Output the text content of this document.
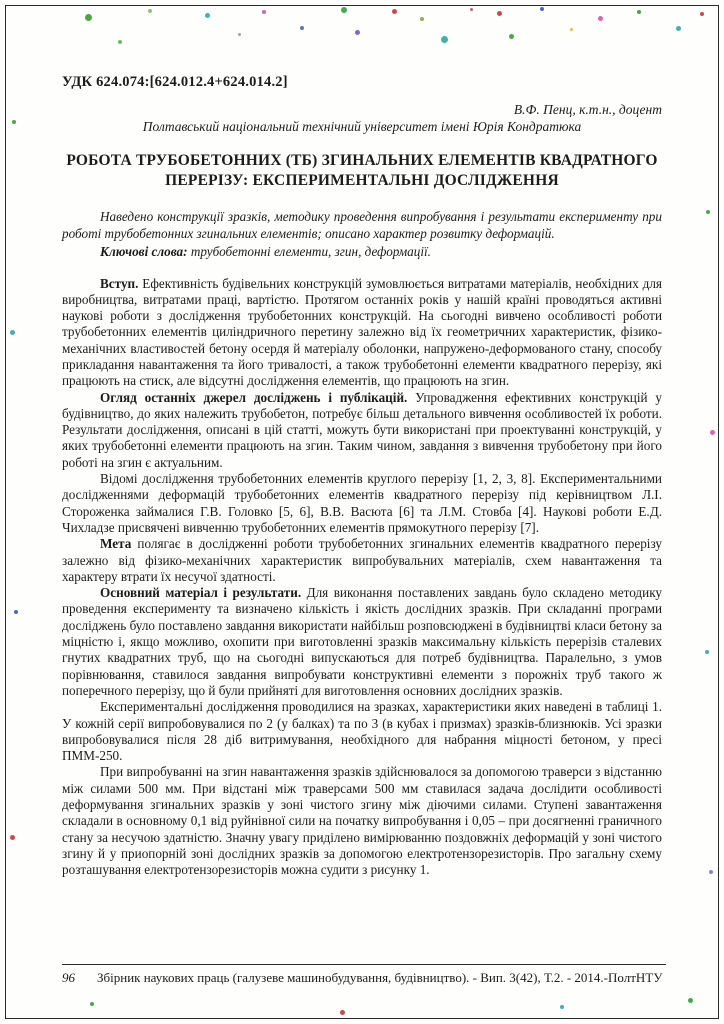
УДК 624.074:[624.012.4+624.014.2]
В.Ф. Пенц, к.т.н., доцент
Полтавський національний технічний університет імені Юрія Кондратюка
РОБОТА ТРУБОБЕТОННИХ (ТБ) ЗГИНАЛЬНИХ ЕЛЕМЕНТІВ КВАДРАТНОГО ПЕРЕРІЗУ: ЕКСПЕРИМЕНТАЛЬНІ ДОСЛІДЖЕННЯ

Наведено конструкції зразків, методику проведення випробування і результати експерименту при роботі трубобетонних згинальних елементів; описано характер розвитку деформацій.

Ключові слова: трубобетонні елементи, згин, деформації.

Вступ. Ефективність будівельних конструкцій зумовлюється витратами матеріалів, необхідних для виробництва, витратами праці, вартістю. Протягом останніх років у нашій країні проводяться активні наукові роботи з дослідження трубобетонних конструкцій. На сьогодні вивчено особливості роботи трубобетонних елементів циліндричного перетину залежно від їх геометричних характеристик, фізико-механічних властивостей бетону осердя й матеріалу оболонки, напружено-деформованого стану, способу прикладання навантаження та його тривалості, а також трубобетонні елементи квадратного перерізу, які працюють на стиск, але відсутні дослідження елементів, що працюють на згин.

Огляд останніх джерел досліджень і публікацій. Упровадження ефективних конструкцій у будівництво, до яких належить трубобетон, потребує більш детального вивчення особливостей їх роботи. Результати дослідження, описані в цій статті, можуть бути використані при проектуванні конструкцій, у яких трубобетонні елементи працюють на згин. Таким чином, завдання з вивчення трубобетону при його роботі на згин є актуальним.

Відомі дослідження трубобетонних елементів круглого перерізу [1, 2, 3, 8]. Експериментальними дослідженнями деформацій трубобетонних елементів квадратного перерізу під керівництвом Л.І. Стороженка займалися Г.В. Головко [5, 6], В.В. Васюта [6] та Л.М. Стовба [4]. Наукові роботи Е.Д. Чихладзе присвячені вивченню трубобетонних елементів прямокутного перерізу [7].

Мета полягає в дослідженні роботи трубобетонних згинальних елементів квадратного перерізу залежно від фізико-механічних характеристик випробувальних матеріалів, схем навантаження та характеру втрати їх несучої здатності.

Основний матеріал і результати. Для виконання поставлених завдань було складено методику проведення експерименту та визначено кількість і якість дослідних зразків. При складанні програми досліджень було поставлено завдання використати найбільш розповсюджені в будівництві класи бетону за міцністю і, якщо можливо, охопити при виготовленні зразків максимальну кількість перерізів сталевих гнутих квадратних труб, що на сьогодні випускаються для потреб будівництва. Паралельно, з умов порівнювання, ставилося завдання випробувати конструктивні елементи з порожніх труб такого ж поперечного перерізу, що й були прийняті для виготовлення основних дослідних зразків.

Експериментальні дослідження проводилися на зразках, характеристики яких наведені в таблиці 1. У кожній серії випробовувалися по 2 (у балках) та по 3 (в кубах і призмах) зразків-близнюків. Усі зразки випробовувалися після 28 діб витримування, необхідного для набрання міцності бетоном, у пресі ПММ-250.

При випробуванні на згин навантаження зразків здійснювалося за допомогою траверси з відстанню між силами 500 мм. При відстані між траверсами 500 мм ставилася задача дослідити особливості деформування згинальних зразків у зоні чистого згину між діючими силами. Ступені завантаження складали в основному 0,1 від руйнівної сили на початку випробування і 0,05 – при досягненні граничного стану за несучою здатністю. Значну увагу приділено вимірюванню поздовжніх деформацій у зоні чистого згину й у приопорній зоні дослідних зразків за допомогою електротензорезисторів. Про загальну схему розташування електротензорезисторів можна судити з рисунку 1.

96 Збірник наукових праць (галузеве машинобудування, будівництво). - Вип. 3(42), Т.2. - 2014.-ПолтНТУ
